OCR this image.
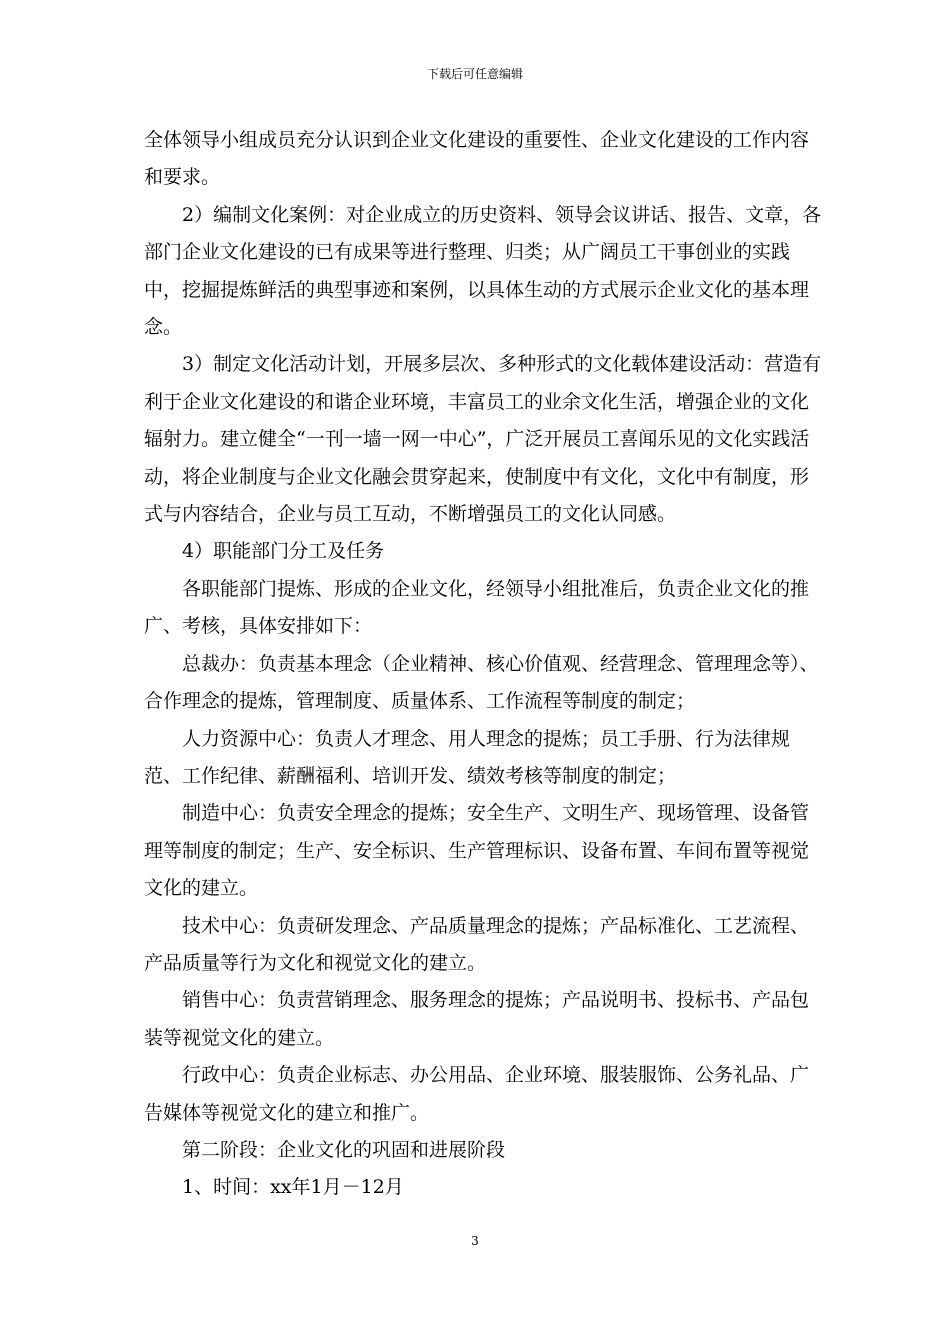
下载后可任意编辑

全体领导小组成员充分认识到企业文化建设的重要性、企业文化建设的工作内容和要求。

2）编制文化案例：对企业成立的历史资料、领导会议讲话、报告、文章，各部门企业文化建设的已有成果等进行整理、归类；从广阔员工干事创业的实践中，挖掘提炼鲜活的典型事迹和案例，以具体生动的方式展示企业文化的基本理念。

3）制定文化活动计划，开展多层次、多种形式的文化载体建设活动：营造有利于企业文化建设的和谐企业环境，丰富员工的业余文化生活，增强企业的文化辐射力。建立健全“一刊一墙一网一中心”，广泛开展员工喜闻乐见的文化实践活动，将企业制度与企业文化融会贯穿起来，使制度中有文化，文化中有制度，形式与内容结合，企业与员工互动，不断增强员工的文化认同感。

4）职能部门分工及任务

各职能部门提炼、形成的企业文化，经领导小组批准后，负责企业文化的推广、考核，具体安排如下：

总裁办：负责基本理念（企业精神、核心价值观、经营理念、管理理念等）、合作理念的提炼，管理制度、质量体系、工作流程等制度的制定；

人力资源中心：负责人才理念、用人理念的提炼；员工手册、行为法律规范、工作纪律、薪酬福利、培训开发、绩效考核等制度的制定；

制造中心：负责安全理念的提炼；安全生产、文明生产、现场管理、设备管理等制度的制定；生产、安全标识、生产管理标识、设备布置、车间布置等视觉文化的建立。

技术中心：负责研发理念、产品质量理念的提炼；产品标准化、工艺流程、产品质量等行为文化和视觉文化的建立。

销售中心：负责营销理念、服务理念的提炼；产品说明书、投标书、产品包装等视觉文化的建立。

行政中心：负责企业标志、办公用品、企业环境、服装服饰、公务礼品、广告媒体等视觉文化的建立和推广。

第二阶段：企业文化的巩固和进展阶段

1、时间：xx年1月－12月

3
